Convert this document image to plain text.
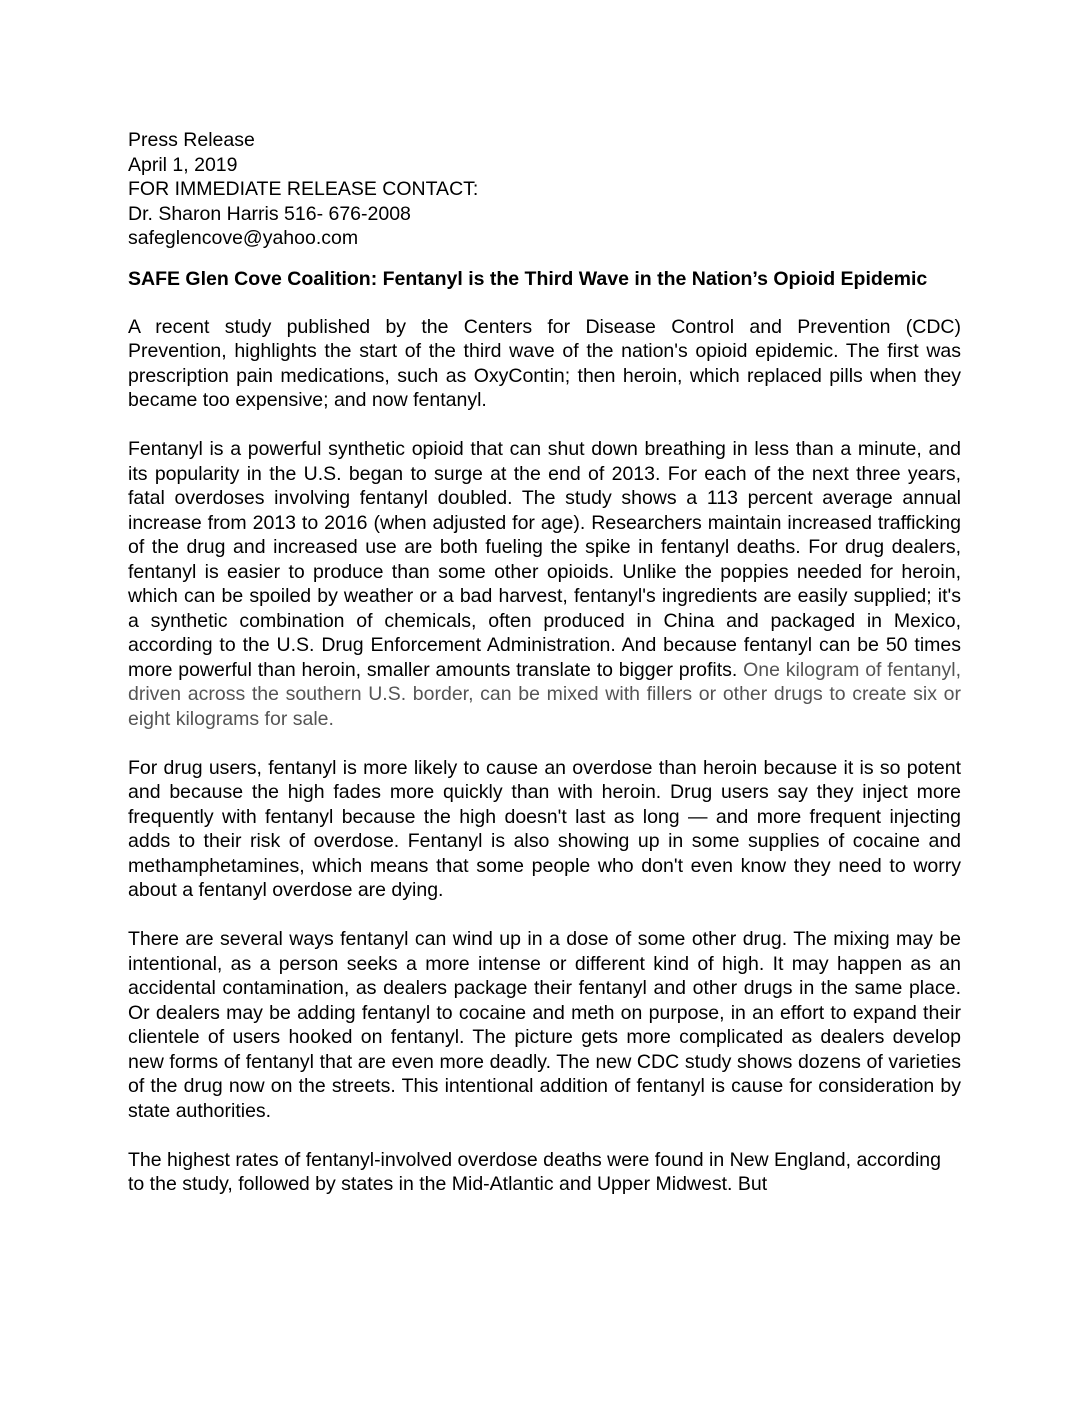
Press Release

April 1, 2019

FOR IMMEDIATE RELEASE CONTACT:

Dr. Sharon Harris 516- 676-2008

safeglencove@yahoo.com

SAFE Glen Cove Coalition: Fentanyl is the Third Wave in the Nation’s Opioid Epidemic

A recent study published by the Centers for Disease Control and Prevention (CDC)
Prevention, highlights the start of the third wave of the nation's opioid epidemic. The first was prescription pain medications, such as OxyContin; then heroin, which replaced pills when they became too expensive; and now fentanyl.

Fentanyl is a powerful synthetic opioid that can shut down breathing in less than a minute, and its popularity in the U.S. began to surge at the end of 2013. For each of the next three years, fatal overdoses involving fentanyl doubled. The study shows a 113 percent average annual increase from 2013 to 2016 (when adjusted for age). Researchers maintain increased trafficking of the drug and increased use are both fueling the spike in fentanyl deaths. For drug dealers, fentanyl is easier to produce than some other opioids. Unlike the poppies needed for heroin, which can be spoiled by weather or a bad harvest, fentanyl's ingredients are easily supplied; it's a synthetic combination of chemicals, often produced in China and packaged in Mexico, according to the U.S. Drug Enforcement Administration. And because fentanyl can be 50 times more powerful than heroin, smaller amounts translate to bigger profits. One kilogram of fentanyl, driven across the southern U.S. border, can be mixed with fillers or other drugs to create six or eight kilograms for sale.

For drug users, fentanyl is more likely to cause an overdose than heroin because it is so potent and because the high fades more quickly than with heroin. Drug users say they inject more frequently with fentanyl because the high doesn't last as long — and more frequent injecting adds to their risk of overdose. Fentanyl is also showing up in some supplies of cocaine and methamphetamines, which means that some people who don't even know they need to worry about a fentanyl overdose are dying.

There are several ways fentanyl can wind up in a dose of some other drug. The mixing may be intentional, as a person seeks a more intense or different kind of high. It may happen as an accidental contamination, as dealers package their fentanyl and other drugs in the same place. Or dealers may be adding fentanyl to cocaine and meth on purpose, in an effort to expand their clientele of users hooked on fentanyl. The picture gets more complicated as dealers develop new forms of fentanyl that are even more deadly. The new CDC study shows dozens of varieties of the drug now on the streets. This intentional addition of fentanyl is cause for consideration by state authorities.

The highest rates of fentanyl-involved overdose deaths were found in New England, according to the study, followed by states in the Mid-Atlantic and Upper Midwest. But
